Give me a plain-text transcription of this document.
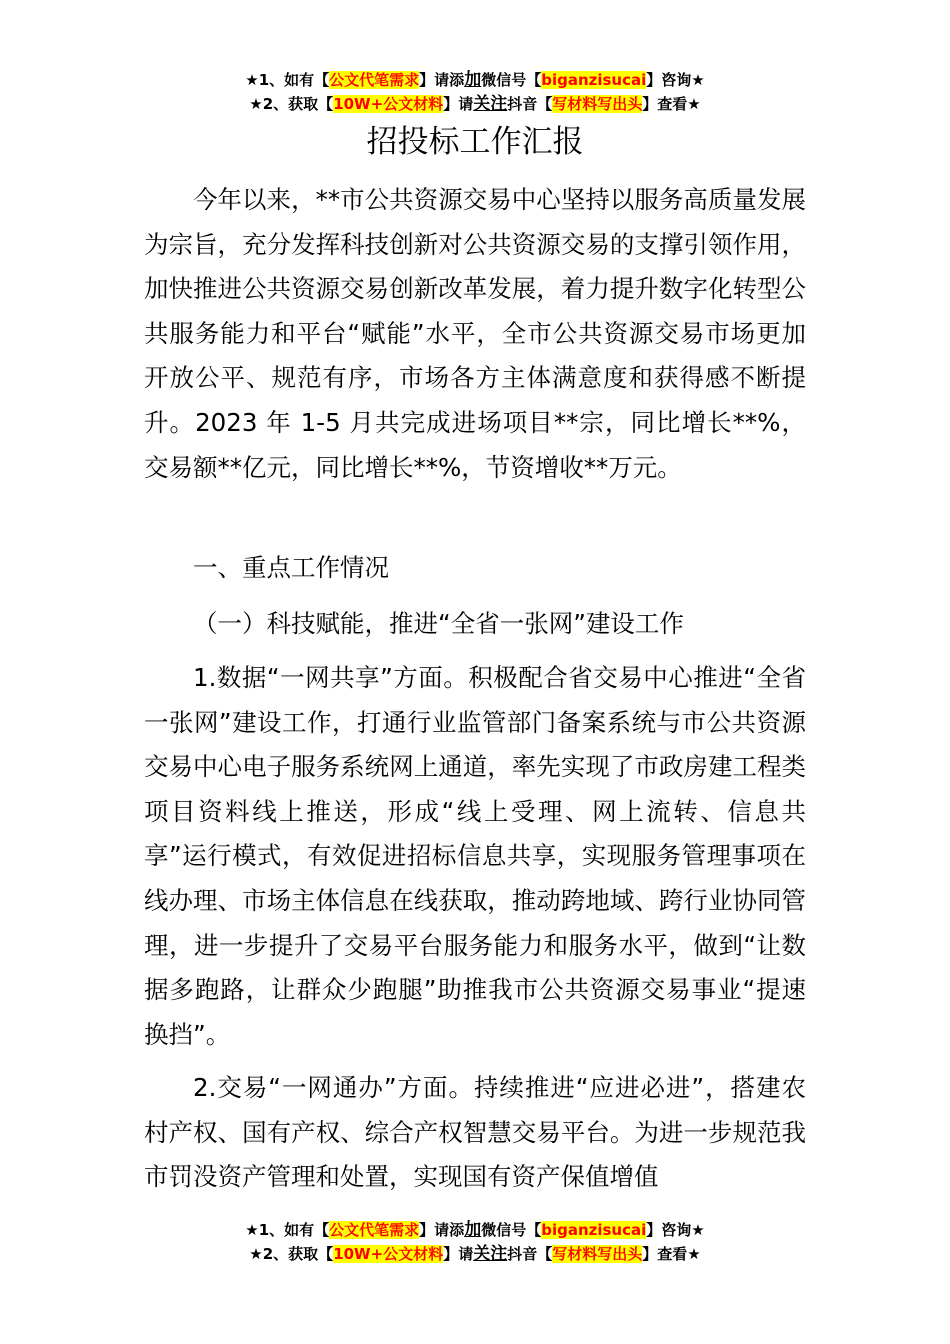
★1、如有【公文代笔需求】请添加微信号【biganzisucai】咨询★
★2、获取【10W+公文材料】请关注抖音【写材料写出头】查看★
招投标工作汇报

今年以来，**市公共资源交易中心坚持以服务高质量发展为宗旨，充分发挥科技创新对公共资源交易的支撑引领作用，加快推进公共资源交易创新改革发展，着力提升数字化转型公共服务能力和平台“赋能”水平，全市公共资源交易市场更加开放公平、规范有序，市场各方主体满意度和获得感不断提升。2023 年 1-5 月共完成进场项目**宗，同比增长**%，交易额**亿元，同比增长**%，节资增收**万元。

一、重点工作情况

（一）科技赋能，推进“全省一张网”建设工作

1.数据“一网共享”方面。积极配合省交易中心推进“全省一张网”建设工作，打通行业监管部门备案系统与市公共资源交易中心电子服务系统网上通道，率先实现了市政房建工程类项目资料线上推送，形成“线上受理、网上流转、信息共享”运行模式，有效促进招标信息共享，实现服务管理事项在线办理、市场主体信息在线获取，推动跨地域、跨行业协同管理，进一步提升了交易平台服务能力和服务水平，做到“让数据多跑路，让群众少跑腿”助推我市公共资源交易事业“提速换挡”。

2.交易“一网通办”方面。持续推进“应进必进”，搭建农村产权、国有产权、综合产权智慧交易平台。为进一步规范我市罚没资产管理和处置，实现国有资产保值增值

★1、如有【公文代笔需求】请添加微信号【biganzisucai】咨询★
★2、获取【10W+公文材料】请关注抖音【写材料写出头】查看★
